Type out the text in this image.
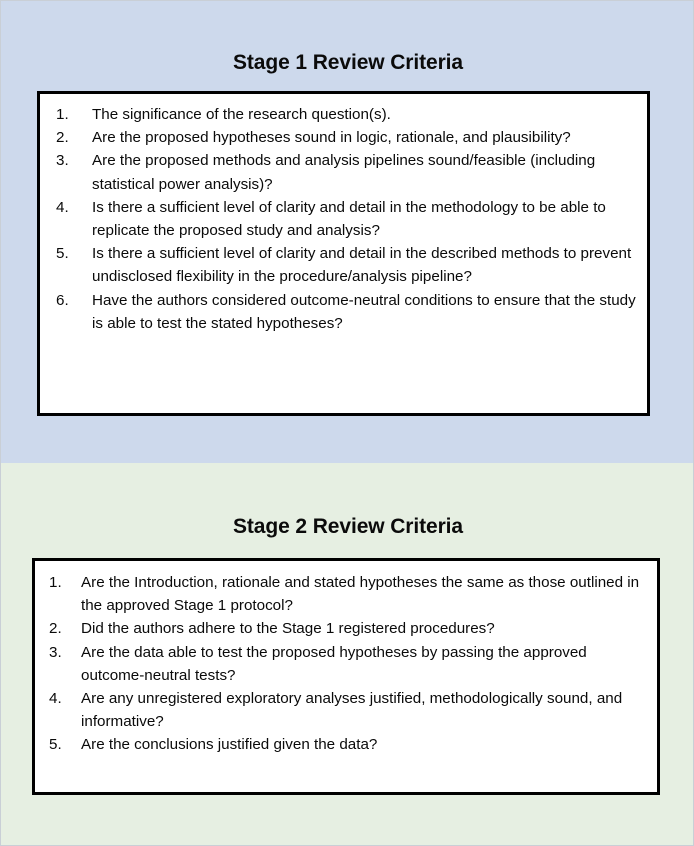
Stage 1 Review Criteria
1.	The significance of the research question(s).
2.	Are the proposed hypotheses sound in logic, rationale, and plausibility?
3.	Are the proposed methods and analysis pipelines sound/feasible (including statistical power analysis)?
4.	Is there a sufficient level of clarity and detail in the methodology to be able to replicate the proposed study and analysis?
5.	Is there a sufficient level of clarity and detail in the described methods to prevent undisclosed flexibility in the procedure/analysis pipeline?
6.	Have the authors considered outcome-neutral conditions to ensure that the study is able to test the stated hypotheses?
Stage 2 Review Criteria
1.	Are the Introduction, rationale and stated hypotheses the same as those outlined in the approved Stage 1 protocol?
2.	Did the authors adhere to the Stage 1 registered procedures?
3.	Are the data able to test the proposed hypotheses by passing the approved outcome-neutral tests?
4.	Are any unregistered exploratory analyses justified, methodologically sound, and informative?
5.	Are the conclusions justified given the data?
